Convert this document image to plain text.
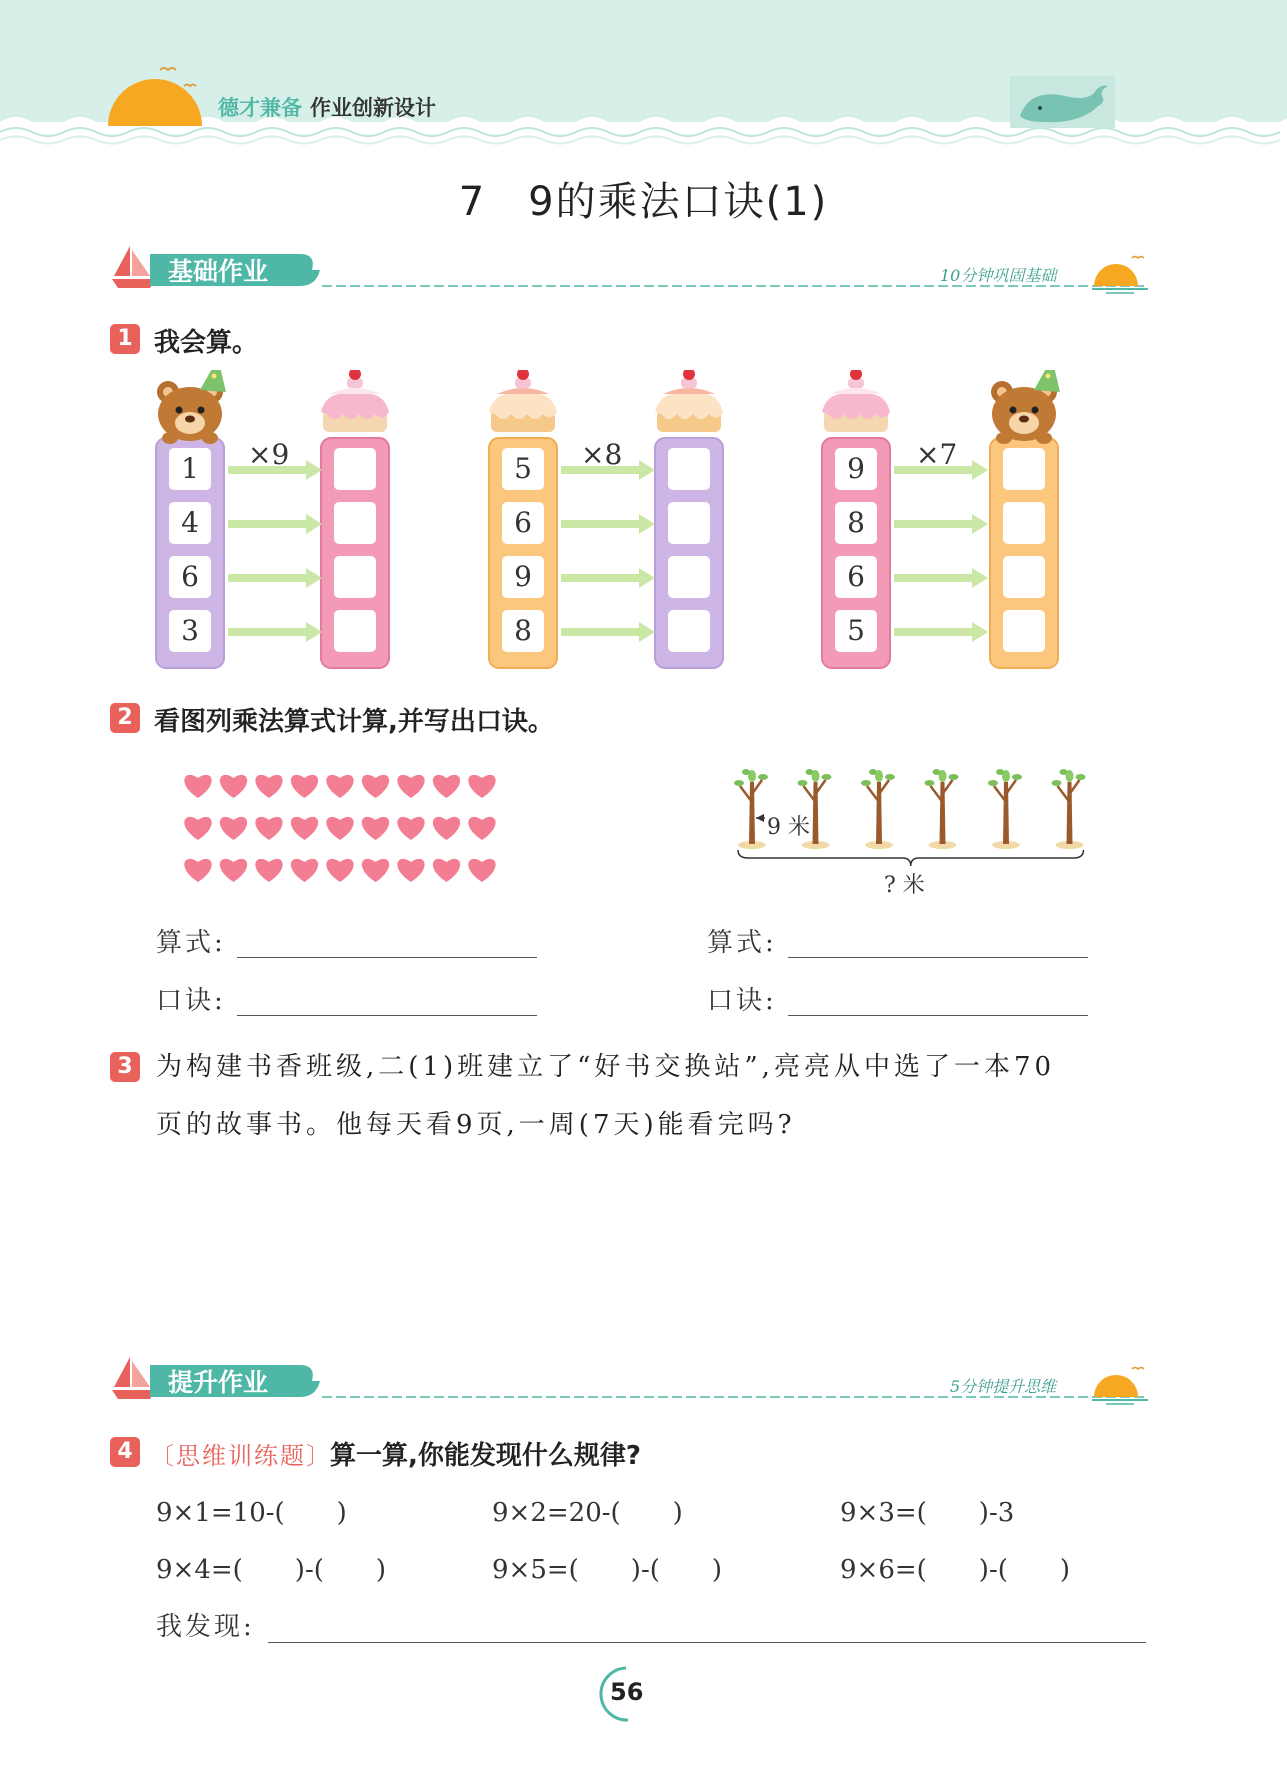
德才兼备 作业创新设计
7　9的乘法口诀(1)
基础作业	10分钟巩固基础
1 我会算。
×9
1
4
6
3
×8
5
6
9
8
×7
9
8
6
5
2 看图列乘法算式计算,并写出口诀。
9 米
? 米
算式:
口诀:
算式:
口诀:
3 为构建书香班级,二(1)班建立了“好书交换站”,亮亮从中选了一本70
页的故事书。他每天看9页,一周(7天)能看完吗?
提升作业	5分钟提升思维
4 〔思维训练题〕
算一算,你能发现什么规律?
9×1=10-(　　)	9×2=20-(　　)	9×3=(　　)-3
9×4=(　　)-(　　)	9×5=(　　)-(　　)	9×6=(　　)-(　　)
我发现:
56
